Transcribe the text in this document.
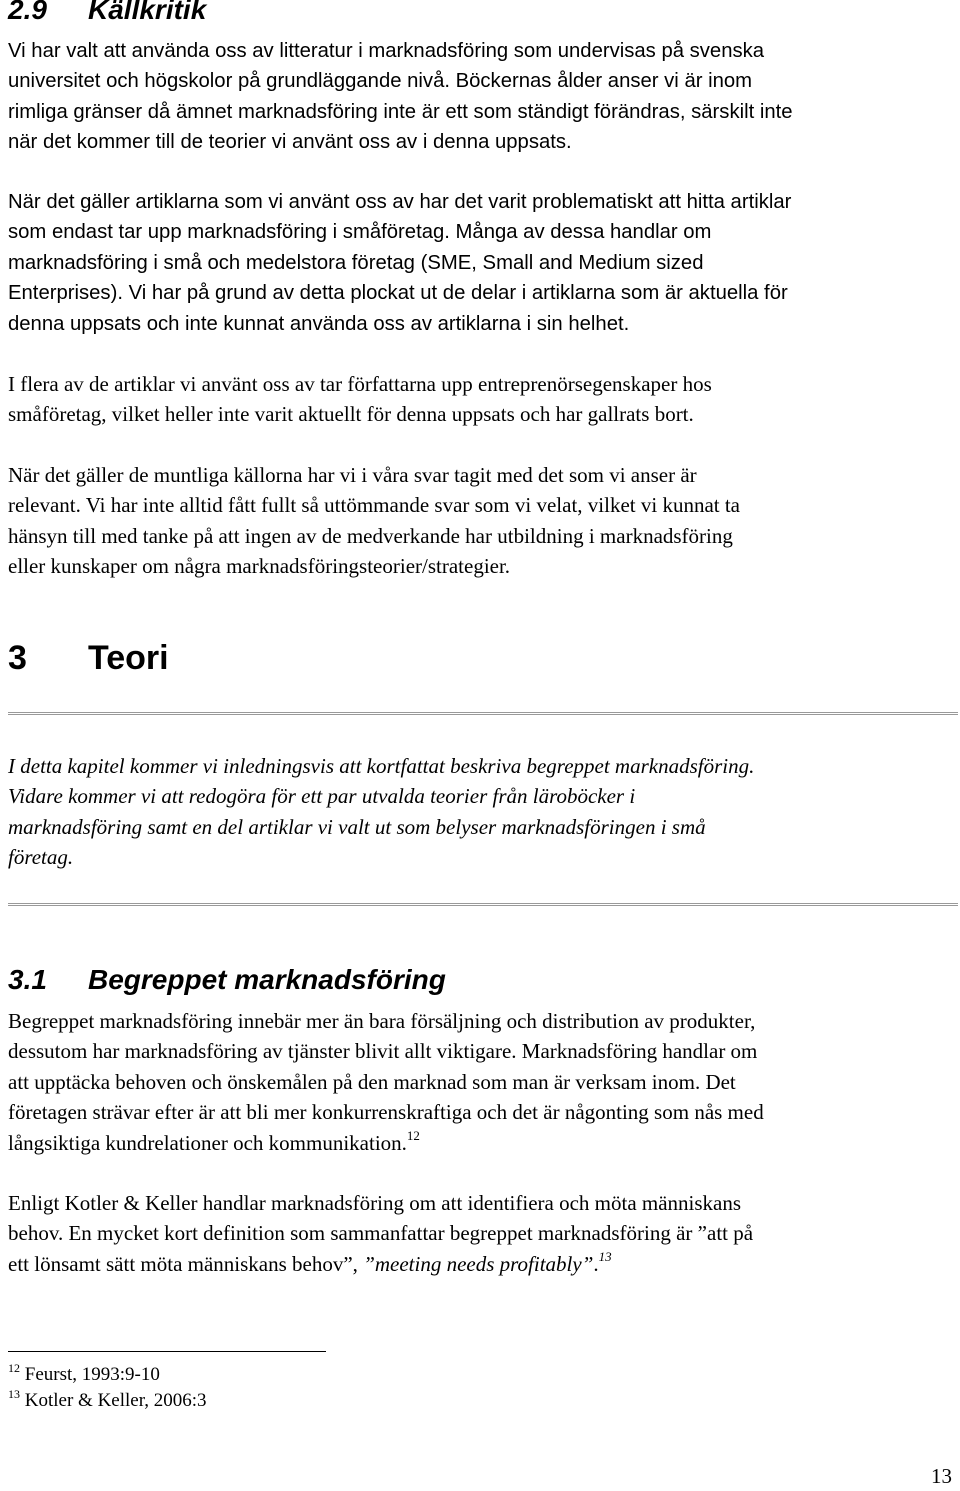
2.9 Källkritik

Vi har valt att använda oss av litteratur i marknadsföring som undervisas på svenska
universitet och högskolor på grundläggande nivå. Böckernas ålder anser vi är inom
rimliga gränser då ämnet marknadsföring inte är ett som ständigt förändras, särskilt inte
när det kommer till de teorier vi använt oss av i denna uppsats.

När det gäller artiklarna som vi använt oss av har det varit problematiskt att hitta artiklar
som endast tar upp marknadsföring i småföretag. Många av dessa handlar om
marknadsföring i små och medelstora företag (SME, Small and Medium sized
Enterprises). Vi har på grund av detta plockat ut de delar i artiklarna som är aktuella för
denna uppsats och inte kunnat använda oss av artiklarna i sin helhet.

I flera av de artiklar vi använt oss av tar författarna upp entreprenörsegenskaper hos
småföretag, vilket heller inte varit aktuellt för denna uppsats och har gallrats bort.

När det gäller de muntliga källorna har vi i våra svar tagit med det som vi anser är
relevant. Vi har inte alltid fått fullt så uttömmande svar som vi velat, vilket vi kunnat ta
hänsyn till med tanke på att ingen av de medverkande har utbildning i marknadsföring
eller kunskaper om några marknadsföringsteorier/strategier.

3 Teori

I detta kapitel kommer vi inledningsvis att kortfattat beskriva begreppet marknadsföring.
Vidare kommer vi att redogöra för ett par utvalda teorier från läroböcker i
marknadsföring samt en del artiklar vi valt ut som belyser marknadsföringen i små
företag.

3.1 Begreppet marknadsföring

Begreppet marknadsföring innebär mer än bara försäljning och distribution av produkter,
dessutom har marknadsföring av tjänster blivit allt viktigare. Marknadsföring handlar om
att upptäcka behoven och önskemålen på den marknad som man är verksam inom. Det
företagen strävar efter är att bli mer konkurrenskraftiga och det är någonting som nås med
långsiktiga kundrelationer och kommunikation.$^{12}$

Enligt Kotler & Keller handlar marknadsföring om att identifiera och möta människans
behov. En mycket kort definition som sammanfattar begreppet marknadsföring är ”att på
ett lönsamt sätt möta människans behov”, ”meeting needs profitably”.$^{13}$

$^{12}$ Feurst, 1993:9-10

$^{13}$ Kotler & Keller, 2006:3

13
